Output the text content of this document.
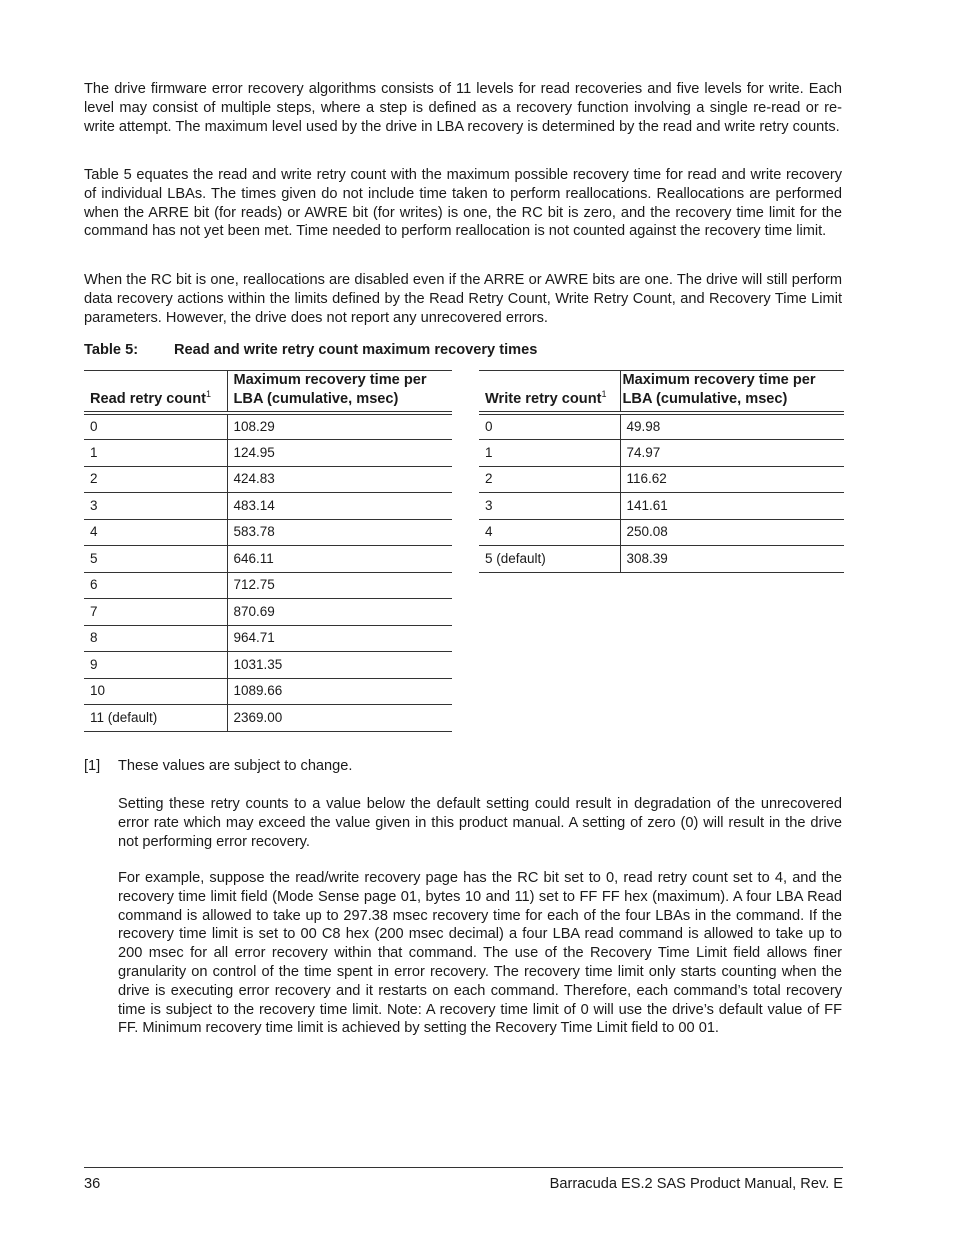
The drive firmware error recovery algorithms consists of 11 levels for read recoveries and five levels for write. Each level may consist of multiple steps, where a step is defined as a recovery function involving a single re-read or re-write attempt. The maximum level used by the drive in LBA recovery is determined by the read and write retry counts.

Table 5 equates the read and write retry count with the maximum possible recovery time for read and write recovery of individual LBAs. The times given do not include time taken to perform reallocations. Reallocations are performed when the ARRE bit (for reads) or AWRE bit (for writes) is one, the RC bit is zero, and the recovery time limit for the command has not yet been met. Time needed to perform reallocation is not counted against the recovery time limit.

When the RC bit is one, reallocations are disabled even if the ARRE or AWRE bits are one. The drive will still perform data recovery actions within the limits defined by the Read Retry Count, Write Retry Count, and Recovery Time Limit parameters. However, the drive does not report any unrecovered errors.

Table 5: Read and write retry count maximum recovery times
Read retry count$^1$	Maximum recovery time per LBA (cumulative, msec)
0	108.29
1	124.95
2	424.83
3	483.14
4	583.78
5	646.11
6	712.75
7	870.69
8	964.71
9	1031.35
10	1089.66
11 (default)	2369.00
Write retry count$^1$	Maximum recovery time per LBA (cumulative, msec)
0	49.98
1	74.97
2	116.62
3	141.61
4	250.08
5 (default)	308.39
[1] These values are subject to change.

Setting these retry counts to a value below the default setting could result in degradation of the unrecovered error rate which may exceed the value given in this product manual. A setting of zero (0) will result in the drive not performing error recovery.

For example, suppose the read/write recovery page has the RC bit set to 0, read retry count set to 4, and the recovery time limit field (Mode Sense page 01, bytes 10 and 11) set to FF FF hex (maximum). A four LBA Read command is allowed to take up to 297.38 msec recovery time for each of the four LBAs in the command. If the recovery time limit is set to 00 C8 hex (200 msec decimal) a four LBA read command is allowed to take up to 200 msec for all error recovery within that command. The use of the Recovery Time Limit field allows finer granularity on control of the time spent in error recovery. The recovery time limit only starts counting when the drive is executing error recovery and it restarts on each command. Therefore, each command’s total recovery time is subject to the recovery time limit. Note: A recovery time limit of 0 will use the drive’s default value of FF FF. Minimum recovery time limit is achieved by setting the Recovery Time Limit field to 00 01.

36	Barracuda ES.2 SAS Product Manual, Rev. E
